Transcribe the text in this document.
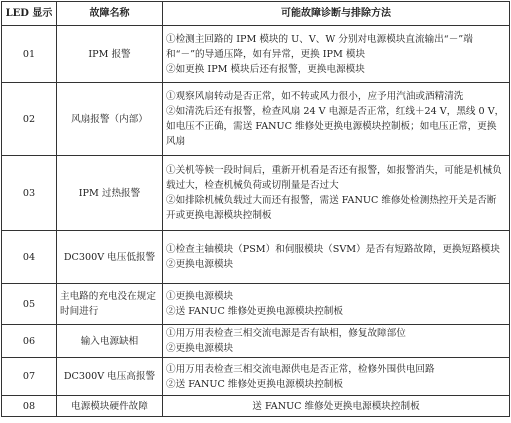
LED 显示	故障名称	可能故障诊断与排除方法
01	IPM 报警	①检测主回路的 IPM 模块的 U、V、W 分别对电源模块直流输出“－”端和“－”的导通压降，如有异常，更换 IPM 模块
②如更换 IPM 模块后还有报警，更换电源模块

02	风扇报警（内部）	①观察风扇转动是否正常，如不转或风力很小，应予用汽油或酒精清洗
②如清洗后还有报警，检查风扇 24 V 电源是否正常，红线＋24 V，黑线 0 V，如电压不正确，需送 FANUC 维修处更换电源模块控制板；如电压正常，更换风扇

03	IPM 过热报警	①关机等候一段时间后，重新开机看是否还有报警，如报警消失，可能是机械负载过大，检查机械负荷或切削量是否过大
②如排除机械负载过大而还有报警，需送 FANUC 维修处检测热控开关是否断开或更换电源模块控制板

04	DC300V 电压低报警	①检查主轴模块（PSM）和伺服模块（SVM）是否有短路故障，更换短路模块
②更换电源模块

05	主电路的充电没在规定时间进行	①更换电源模块
②送 FANUC 维修处更换电源模块控制板

06	输入电源缺相	①用万用表检查三相交流电源是否有缺相，修复故障部位
②更换电源模块

07	DC300V 电压高报警	①用万用表检查三相交流电源供电是否正常，检修外围供电回路
②送 FANUC 维修处更换电源模块控制板

08	电源模块硬件故障	送 FANUC 维修处更换电源模块控制板
